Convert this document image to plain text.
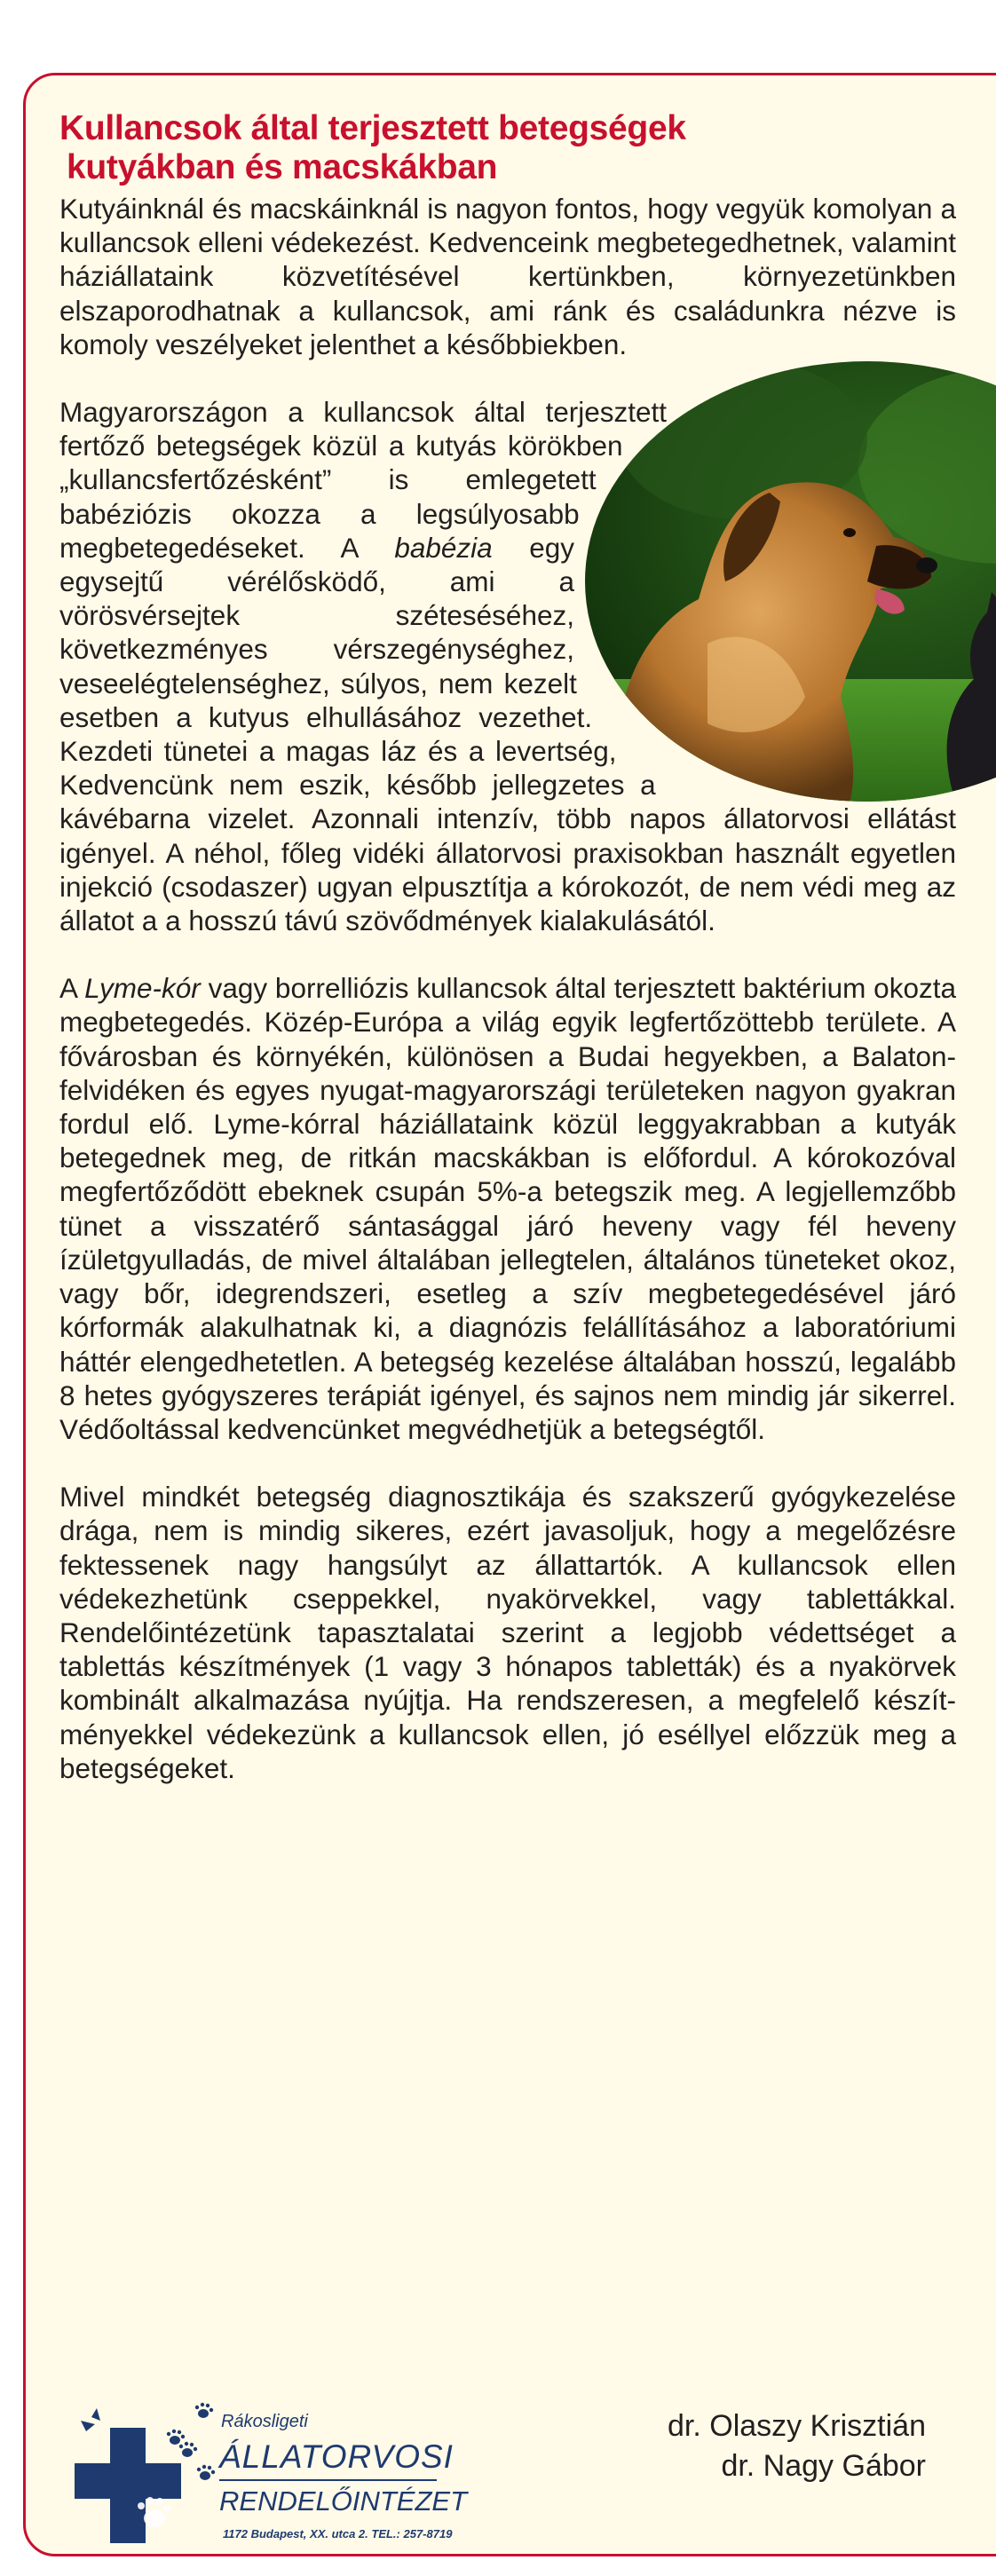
Kullancsok által terjesztett betegségek
kutyákban és macskákban

Kutyáinknál és macskáinknál is nagyon fontos, hogy vegyük komolyan a kullancsok elleni védekezést. Kedvenceink megbetegedhetnek, valamint háziállataink közvetítésével kertünkben, környezetünkben elszaporodhatnak a kullancsok, ami ránk és családunkra nézve is komoly veszélyeket jelenthet a későbbiekben.

Magyarországon a kullancsok által terjesztett fertőző betegségek közül a kutyás körökben „kullancsfertőzésként” is emlegetett babéziózis okozza a legsúlyosabb megbetegedéseket. A babézia egy egysejtű vérélősködő, ami a vörösvérsejtek széteséséhez, következményes vérszegénységhez, veseelégtelenséghez, súlyos, nem kezelt esetben a kutyus elhullásához vezethet. Kezdeti tünetei a magas láz és a levertség, Kedvencünk nem eszik, később jellegzetes a kávébarna vizelet. Azonnali intenzív, több napos állatorvosi ellátást igényel. A néhol, főleg vidéki állatorvosi praxisokban használt egyetlen injekció (csodaszer) ugyan elpusztítja a kórokozót, de nem védi meg az állatot a a hosszú távú szövődmények kialakulásától.

A Lyme-kór vagy borrelliózis kullancsok által terjesztett baktérium okozta megbetegedés. Közép-Európa a világ egyik legfertőzöttebb területe. A fővárosban és környékén, különösen a Budai hegyekben, a Balaton-felvidéken és egyes nyugat-magyarországi területeken nagyon gyakran fordul elő. Lyme-kórral háziállataink közül leggyakrabban a kutyák betegednek meg, de ritkán macskákban is előfordul. A kórokozóval megfertőződött ebeknek csupán 5%-a betegszik meg. A legjellemzőbb tünet a visszatérő sántasággal járó heveny vagy fél heveny ízületgyulladás, de mivel általában jellegtelen, általános tüneteket okoz, vagy bőr, idegrendszeri, esetleg a szív megbetegedésével járó kórformák alakulhatnak ki, a diagnózis felállításához a laboratóriumi háttér elengedhetetlen. A betegség kezelése általában hosszú, legalább 8 hetes gyógyszeres terápiát igényel, és sajnos nem mindig jár sikerrel. Védőoltással kedvencünket megvédhetjük a betegségtől.

Mivel mindkét betegség diagnosztikája és szakszerű gyógykezelése drága, nem is mindig sikeres, ezért javasoljuk, hogy a megelőzésre fektessenek nagy hangsúlyt az állattartók. A kullancsok ellen védekezhetünk cseppekkel, nyakörvekkel, vagy tablettákkal. Rendelőintézetünk tapasztalatai szerint a legjobb védettséget a tablettás készítmények (1 vagy 3 hónapos tabletták) és a nyakörvek kombinált alkalmazása nyújtja. Ha rendszeresen, a megfelelő készítményekkel védekezünk a kullancsok ellen, jó eséllyel előzzük meg a betegségeket.

Rákosligeti
ÁLLATORVOSI
RENDELŐINTÉZET
1172 Budapest, XX. utca 2. TEL.: 257-8719
dr. Olaszy Krisztián
dr. Nagy Gábor
